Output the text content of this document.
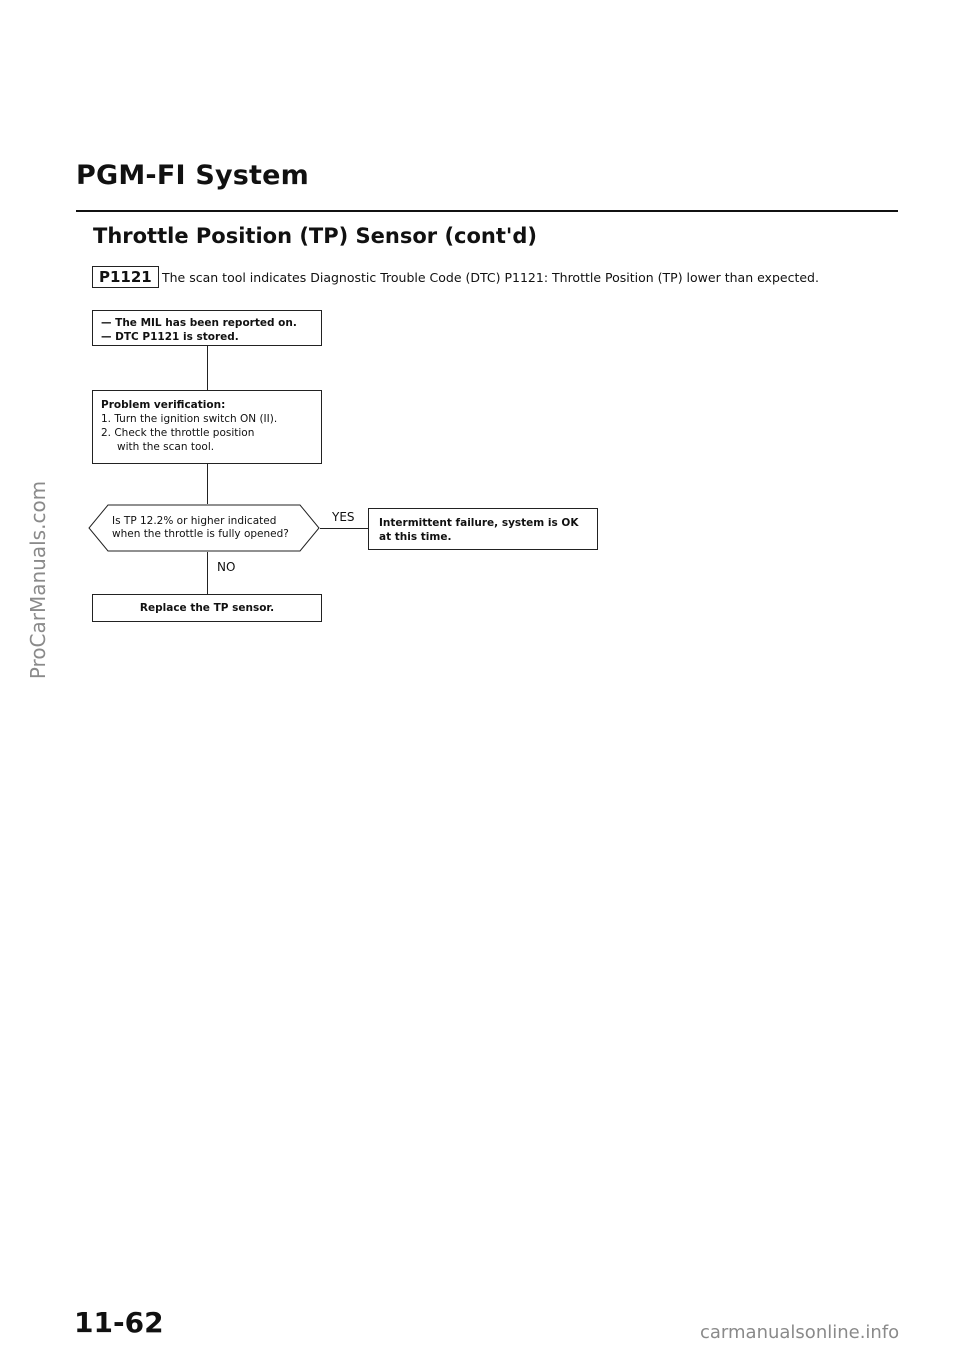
PGM-FI System
Throttle Position (TP) Sensor (cont'd)
P1121 The scan tool indicates Diagnostic Trouble Code (DTC) P1121: Throttle Position (TP) lower than expected.
— The MIL has been reported on.
— DTC P1121 is stored.
Problem verification:
1. Turn the ignition switch ON (II).
2. Check the throttle position
with the scan tool.
Is TP 12.2% or higher indicated
when the throttle is fully opened?
YES Intermittent failure, system is OK
at this time.
NO
Replace the TP sensor.
ProCarManuals.com
11-62	carmanualsonline.info
